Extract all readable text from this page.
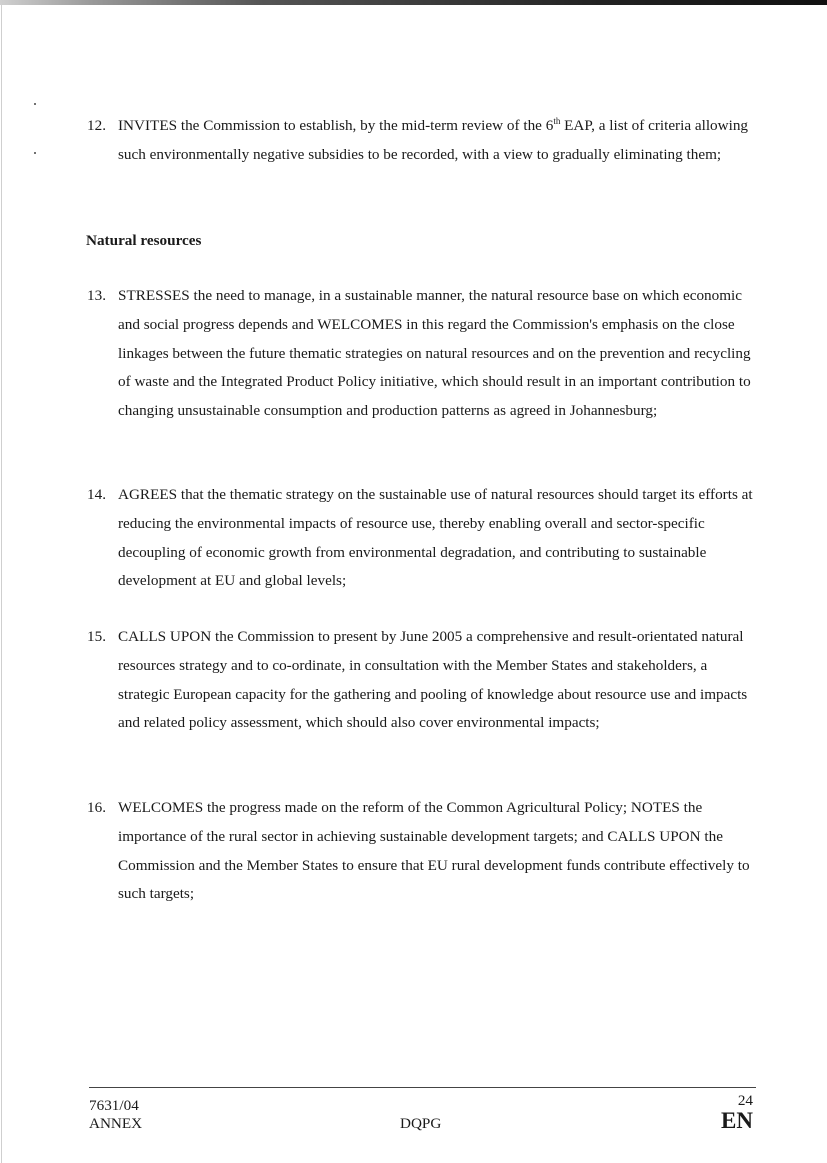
12. INVITES the Commission to establish, by the mid-term review of the 6th EAP, a list of criteria allowing such environmentally negative subsidies to be recorded, with a view to gradually eliminating them;
Natural resources
13. STRESSES the need to manage, in a sustainable manner, the natural resource base on which economic and social progress depends and WELCOMES in this regard the Commission's emphasis on the close linkages between the future thematic strategies on natural resources and on the prevention and recycling of waste and the Integrated Product Policy initiative, which should result in an important contribution to changing unsustainable consumption and production patterns as agreed in Johannesburg;
14. AGREES that the thematic strategy on the sustainable use of natural resources should target its efforts at reducing the environmental impacts of resource use, thereby enabling overall and sector-specific decoupling of economic growth from environmental degradation, and contributing to sustainable development at EU and global levels;
15. CALLS UPON the Commission to present by June 2005 a comprehensive and result-orientated natural resources strategy and to co-ordinate, in consultation with the Member States and stakeholders, a strategic European capacity for the gathering and pooling of knowledge about resource use and impacts and related policy assessment, which should also cover environmental impacts;
16. WELCOMES the progress made on the reform of the Common Agricultural Policy; NOTES the importance of the rural sector in achieving sustainable development targets; and CALLS UPON the Commission and the Member States to ensure that EU rural development funds contribute effectively to such targets;
7631/04
ANNEX	DQPG
24
EN
